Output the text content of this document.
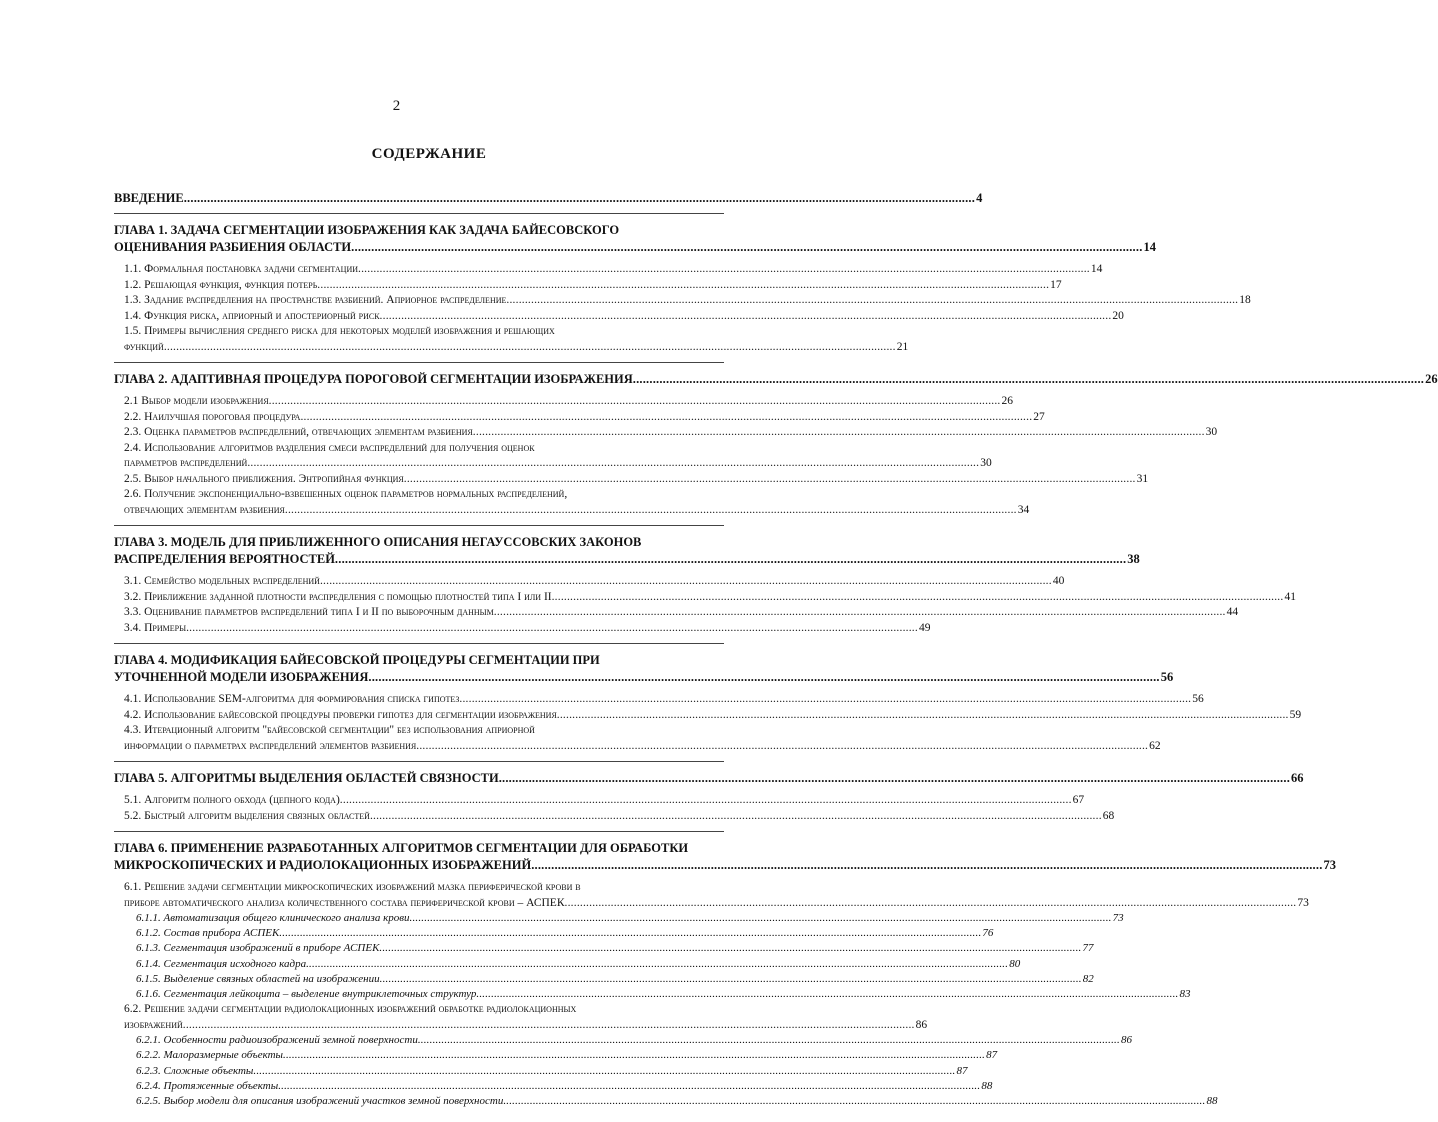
2
СОДЕРЖАНИЕ
ВВЕДЕНИЕ .....	4
ГЛАВА 1. ЗАДАЧА СЕГМЕНТАЦИИ ИЗОБРАЖЕНИЯ КАК ЗАДАЧА БАЙЕСОВСКОГО
ОЦЕНИВАНИЯ РАЗБИЕНИЯ ОБЛАСТИ .....	14
1.1. Формальная постановка задачи сегментации .....	14
1.2. Решающая функция, функция потерь .....	17
1.3. Задание распределения на пространстве разбиений. Априорное распределение .....	18
1.4. Функция риска, априорный и апостериорный риск .....	20
1.5. Примеры вычисления среднего риска для некоторых моделей изображения и решающих
функций .....	21
ГЛАВА 2. АДАПТИВНАЯ ПРОЦЕДУРА ПОРОГОВОЙ СЕГМЕНТАЦИИ ИЗОБРАЖЕНИЯ .....	26
2.1 Выбор модели изображения .....	26
2.2. Наилучшая пороговая процедура .....	27
2.3. Оценка параметров распределений, отвечающих элементам разбиения .....	30
2.4. Использование алгоритмов разделения смеси распределений для получения оценок
параметров распределений .....	30
2.5. Выбор начального приближения. Энтропийная функция .....	31
2.6. Получение экспоненциально-взвешенных оценок параметров нормальных распределений,
отвечающих элементам разбиения .....	34
ГЛАВА 3. МОДЕЛЬ ДЛЯ ПРИБЛИЖЕННОГО ОПИСАНИЯ НЕГАУССОВСКИХ ЗАКОНОВ
РАСПРЕДЕЛЕНИЯ ВЕРОЯТНОСТЕЙ .....	38
3.1. Семейство модельных распределений .....	40
3.2. Приближение заданной плотности распределения с помощью плотностей типа I или II .....	41
3.3. Оценивание параметров распределений типа I и II по выборочным данным .....	44
3.4. Примеры .....	49
ГЛАВА 4. МОДИФИКАЦИЯ БАЙЕСОВСКОЙ ПРОЦЕДУРЫ СЕГМЕНТАЦИИ ПРИ
УТОЧНЕННОЙ МОДЕЛИ ИЗОБРАЖЕНИЯ .....	56
4.1. Использование SEM-алгоритма для формирования списка гипотез .....	56
4.2. Использование байесовской процедуры проверки гипотез для сегментации изображения .....	59
4.3. Итерационный алгоритм "байесовской сегментации" без использования априорной
информации о параметрах распределений элементов разбиения .....	62
ГЛАВА 5. АЛГОРИТМЫ ВЫДЕЛЕНИЯ ОБЛАСТЕЙ СВЯЗНОСТИ .....	66
5.1. Алгоритм полного обхода (цепного кода) .....	67
5.2. Быстрый алгоритм выделения связных областей .....	68
ГЛАВА 6. ПРИМЕНЕНИЕ РАЗРАБОТАННЫХ АЛГОРИТМОВ СЕГМЕНТАЦИИ ДЛЯ ОБРАБОТКИ
МИКРОСКОПИЧЕСКИХ И РАДИОЛОКАЦИОННЫХ ИЗОБРАЖЕНИЙ .....	73
6.1. Решение задачи сегментации микроскопических изображений мазка периферической крови в
приборе автоматического анализа количественного состава периферической крови – АСПЕК .....	73
6.1.1. Автоматизация общего клинического анализа крови .....	73
6.1.2. Состав прибора АСПЕК .....	76
6.1.3. Сегментация изображений в приборе АСПЕК .....	77
6.1.4. Сегментация исходного кадра .....	80
6.1.5. Выделение связных областей на изображении .....	82
6.1.6. Сегментация лейкоцита – выделение внутриклеточных структур .....	83
6.2. Решение задачи сегментации радиолокационных изображений обработке радиолокационных
изображений .....	86
6.2.1. Особенности радиоизображений земной поверхности .....	86
6.2.2. Малоразмерные объекты .....	87
6.2.3. Сложные объекты .....	87
6.2.4. Протяженные объекты .....	88
6.2.5. Выбор модели для описания изображений участков земной поверхности .....	88
